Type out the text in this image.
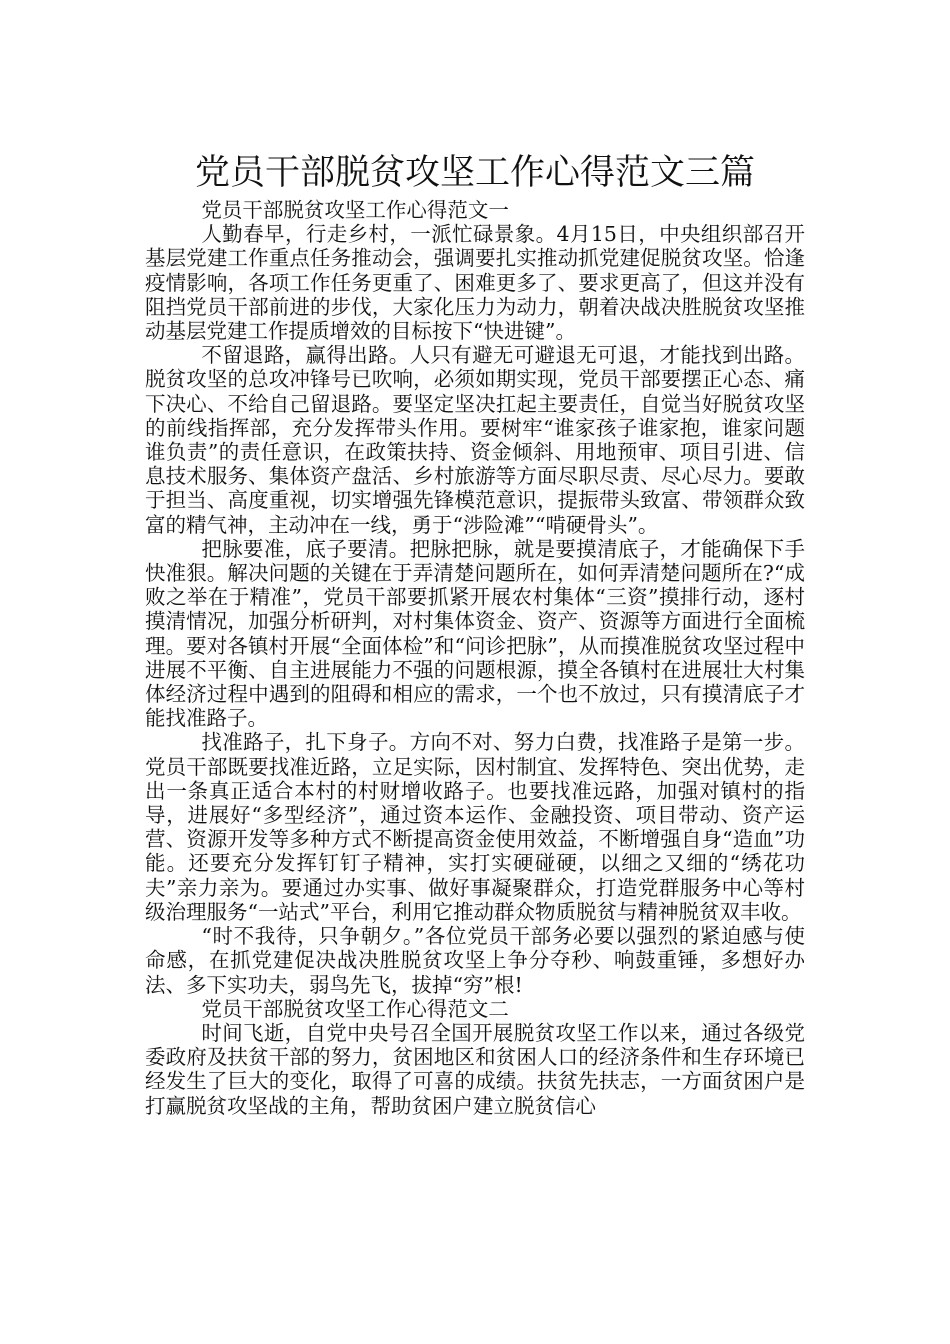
党员干部脱贫攻坚工作心得范文三篇

党员干部脱贫攻坚工作心得范文一

人勤春早，行走乡村，一派忙碌景象。4月15日，中央组织部召开基层党建工作重点任务推动会，强调要扎实推动抓党建促脱贫攻坚。恰逢疫情影响，各项工作任务更重了、困难更多了、要求更高了，但这并没有阻挡党员干部前进的步伐，大家化压力为动力，朝着决战决胜脱贫攻坚推动基层党建工作提质增效的目标按下“快进键”。

不留退路，赢得出路。人只有避无可避退无可退，才能找到出路。脱贫攻坚的总攻冲锋号已吹响，必须如期实现，党员干部要摆正心态、痛下决心、不给自己留退路。要坚定坚决扛起主要责任，自觉当好脱贫攻坚的前线指挥部，充分发挥带头作用。要树牢“谁家孩子谁家抱，谁家问题谁负责”的责任意识，在政策扶持、资金倾斜、用地预审、项目引进、信息技术服务、集体资产盘活、乡村旅游等方面尽职尽责、尽心尽力。要敢于担当、高度重视，切实增强先锋模范意识，提振带头致富、带领群众致富的精气神，主动冲在一线，勇于“涉险滩”“啃硬骨头”。

把脉要准，底子要清。把脉把脉，就是要摸清底子，才能确保下手快准狠。解决问题的关键在于弄清楚问题所在，如何弄清楚问题所在?“成败之举在于精准”，党员干部要抓紧开展农村集体“三资”摸排行动，逐村摸清情况，加强分析研判，对村集体资金、资产、资源等方面进行全面梳理。要对各镇村开展“全面体检”和“问诊把脉”，从而摸准脱贫攻坚过程中进展不平衡、自主进展能力不强的问题根源，摸全各镇村在进展壮大村集体经济过程中遇到的阻碍和相应的需求，一个也不放过，只有摸清底子才能找准路子。

找准路子，扎下身子。方向不对、努力白费，找准路子是第一步。党员干部既要找准近路，立足实际，因村制宜、发挥特色、突出优势，走出一条真正适合本村的村财增收路子。也要找准远路，加强对镇村的指导，进展好“多型经济”，通过资本运作、金融投资、项目带动、资产运营、资源开发等多种方式不断提高资金使用效益，不断增强自身“造血”功能。还要充分发挥钉钉子精神，实打实硬碰硬，以细之又细的“绣花功夫”亲力亲为。要通过办实事、做好事凝聚群众，打造党群服务中心等村级治理服务“一站式”平台，利用它推动群众物质脱贫与精神脱贫双丰收。

“时不我待，只争朝夕。”各位党员干部务必要以强烈的紧迫感与使命感，在抓党建促决战决胜脱贫攻坚上争分夺秒、响鼓重锤，多想好办法、多下实功夫，弱鸟先飞，拔掉“穷”根!

党员干部脱贫攻坚工作心得范文二

时间飞逝，自党中央号召全国开展脱贫攻坚工作以来，通过各级党委政府及扶贫干部的努力，贫困地区和贫困人口的经济条件和生存环境已经发生了巨大的变化，取得了可喜的成绩。扶贫先扶志，一方面贫困户是打赢脱贫攻坚战的主角，帮助贫困户建立脱贫信心
